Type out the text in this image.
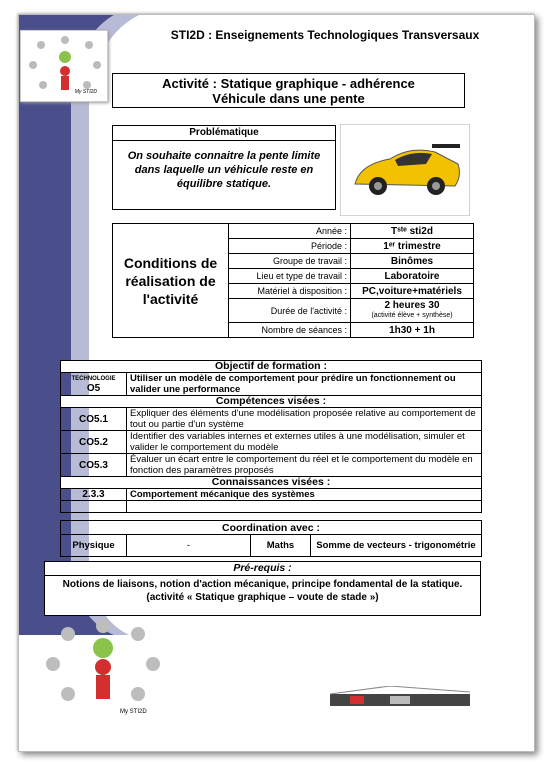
STI2D : Enseignements Technologiques Transversaux
My STI2D
Activité : Statique graphique - adhérence
Véhicule dans une pente
Problématique
On souhaite connaitre la pente limite dans laquelle un véhicule reste en équilibre statique.
Conditions de réalisation de l'activité	Année :	Tˢᵗᵉ sti2d
	Période :	1ᵉʳ trimestre
	Groupe de travail :	Binômes
	Lieu et type de travail :	Laboratoire
	Matériel à disposition :	PC,voiture+matériels
	Durée de l'activité :	2 heures 30
(activité élève + synthèse)

	Nombre de séances :	1h30 + 1h
Objectif de formation :	

TECHNOLOGIE
O5	Utiliser un modèle de comportement pour prédire un fonctionnement ou valider une performance
Compétences visées :	
CO5.1	Expliquer des éléments d'une modélisation proposée relative au comportement de tout ou partie d'un système
CO5.2	Identifier des variables internes et externes utiles à une modélisation, simuler et valider le comportement du modèle
CO5.3	Évaluer un écart entre le comportement du réel et le comportement du modèle en fonction des paramètres proposés
Connaissances visées :	
2.3.3	Comportement mécanique des systèmes

Coordination avec :
Physique	-	Maths	Somme de vecteurs - trigonométrie
Pré-requis :
Notions de liaisons, notion d'action mécanique, principe fondamental de la statique. (activité « Statique graphique – voute de stade »)
My STI2D
